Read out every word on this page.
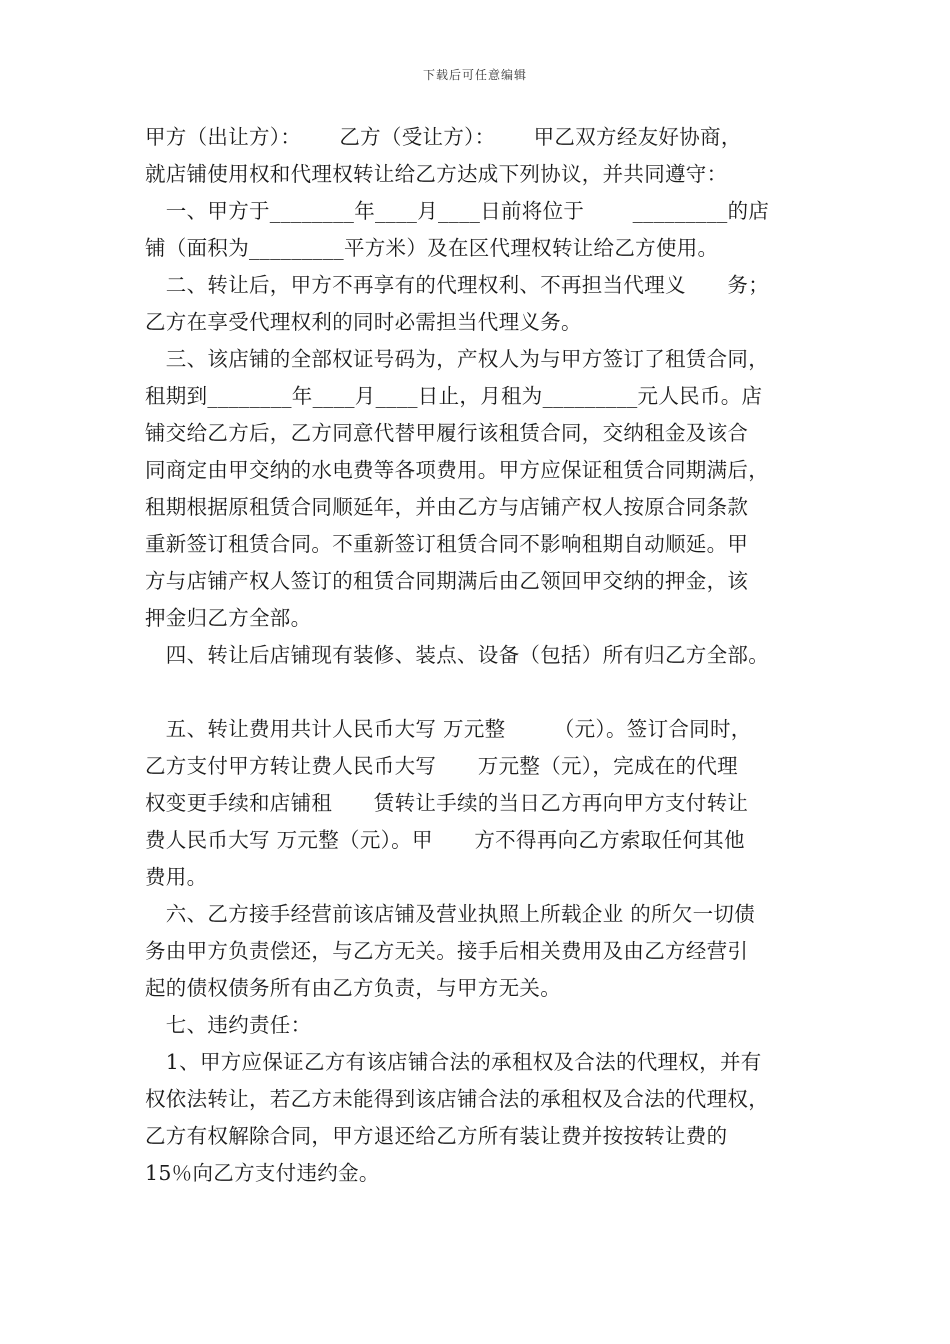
下载后可任意编辑
甲方（出让方）：　　 乙方（受让方）：　　 甲乙双方经友好协商，
就店铺使用权和代理权转让给乙方达成下列协议，并共同遵守：
　一、甲方于________年____月____日前将位于　　 _________的店
铺（面积为_________平方米）及在区代理权转让给乙方使用。
　二、转让后，甲方不再享有的代理权利、不再担当代理义　　务；
乙方在享受代理权利的同时必需担当代理义务。
　三、该店铺的全部权证号码为，产权人为与甲方签订了租赁合同，
租期到________年____月____日止，月租为_________元人民币。店
铺交给乙方后，乙方同意代替甲履行该租赁合同，交纳租金及该合
同商定由甲交纳的水电费等各项费用。甲方应保证租赁合同期满后，
租期根据原租赁合同顺延年，并由乙方与店铺产权人按原合同条款
重新签订租赁合同。不重新签订租赁合同不影响租期自动顺延。甲
方与店铺产权人签订的租赁合同期满后由乙领回甲交纳的押金，该
押金归乙方全部。
　四、转让后店铺现有装修、装点、设备（包括）所有归乙方全部。
　五、转让费用共计人民币大写 万元整　　 （元）。签订合同时，
乙方支付甲方转让费人民币大写　　万元整（元），完成在的代理
权变更手续和店铺租　　赁转让手续的当日乙方再向甲方支付转让
费人民币大写 万元整（元）。甲　　方不得再向乙方索取任何其他
费用。
　六、乙方接手经营前该店铺及营业执照上所载企业 的所欠一切债
务由甲方负责偿还，与乙方无关。接手后相关费用及由乙方经营引
起的债权债务所有由乙方负责，与甲方无关。
　七、违约责任：
　1、甲方应保证乙方有该店铺合法的承租权及合法的代理权，并有
权依法转让，若乙方未能得到该店铺合法的承租权及合法的代理权，
乙方有权解除合同，甲方退还给乙方所有装让费并按按转让费的
15％向乙方支付违约金。
